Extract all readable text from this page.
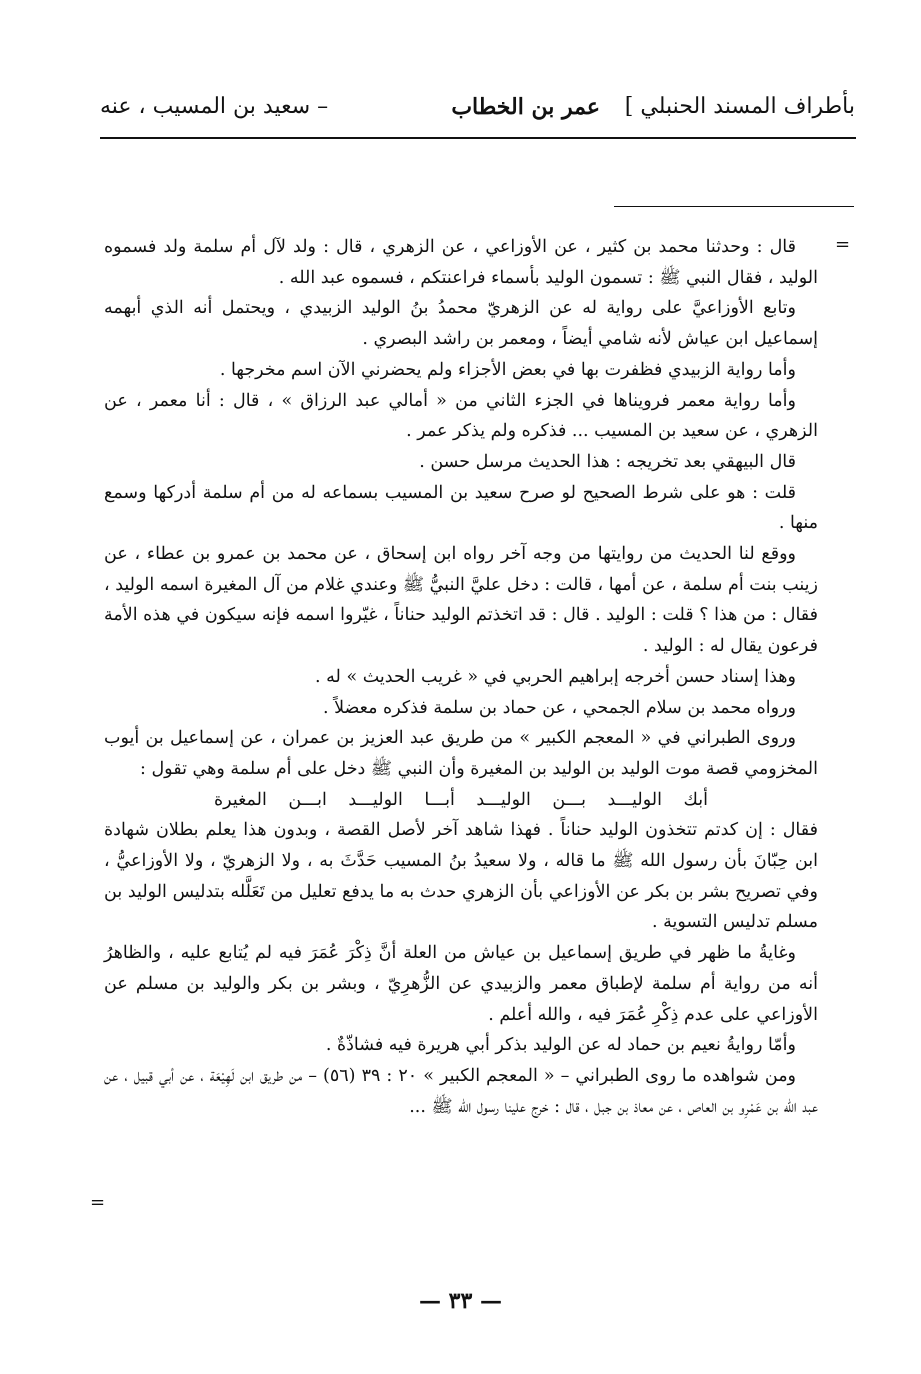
بأطراف المسند الحنبلي ]
عمر بن الخطاب
– سعيد بن المسيب ، عنه
=

قال : وحدثنا محمد بن كثير ، عن الأوزاعي ، عن الزهري ، قال : ولد لآل أم سلمة ولد فسموه الوليد ، فقال النبي ﷺ : تسمون الوليد بأسماء فراعنتكم ، فسموه عبد الله .

وتابع الأوزاعيَّ على رواية له عن الزهريّ محمدُ بنُ الوليد الزبيدي ، ويحتمل أنه الذي أبهمه إسماعيل ابن عياش لأنه شامي أيضاً ، ومعمر بن راشد البصري .

وأما رواية الزبيدي فظفرت بها في بعض الأجزاء ولم يحضرني الآن اسم مخرجها .

وأما رواية معمر فرويناها في الجزء الثاني من « أمالي عبد الرزاق » ، قال : أنا معمر ، عن الزهري ، عن سعيد بن المسيب ... فذكره ولم يذكر عمر .

قال البيهقي بعد تخريجه : هذا الحديث مرسل حسن .

قلت : هو على شرط الصحيح لو صرح سعيد بن المسيب بسماعه له من أم سلمة أدركها وسمع منها .

ووقع لنا الحديث من روايتها من وجه آخر رواه ابن إسحاق ، عن محمد بن عمرو بن عطاء ، عن زينب بنت أم سلمة ، عن أمها ، قالت : دخل عليَّ النبيُّ ﷺ وعندي غلام من آل المغيرة اسمه الوليد ، فقال : من هذا ؟ قلت : الوليد . قال : قد اتخذتم الوليد حناناً ، غيّروا اسمه فإنه سيكون في هذه الأمة فرعون يقال له : الوليد .

وهذا إسناد حسن أخرجه إبراهيم الحربي في « غريب الحديث » له .

ورواه محمد بن سلام الجمحي ، عن حماد بن سلمة فذكره معضلاً .

وروى الطبراني في « المعجم الكبير » من طريق عبد العزيز بن عمران ، عن إسماعيل بن أيوب المخزومي قصة موت الوليد بن الوليد بن المغيرة وأن النبي ﷺ دخل على أم سلمة وهي تقول :

أبك الوليـــد بـــن الوليـــد أبـــا الوليـــد ابـــن المغيرة

فقال : إن كدتم تتخذون الوليد حناناً . فهذا شاهد آخر لأصل القصة ، وبدون هذا يعلم بطلان شهادة ابن حِبّانَ بأن رسول الله ﷺ ما قاله ، ولا سعيدُ بنُ المسيب حَدَّثَ به ، ولا الزهريّ ، ولا الأوزاعيُّ ، وفي تصريح بشر بن بكر عن الأوزاعي بأن الزهري حدث به ما يدفع تعليل من تَعَلَّله بتدليس الوليد بن مسلم تدليس التسوية .

وغايةُ ما ظهر في طريق إسماعيل بن عياش من العلة أنَّ ذِكْرَ عُمَرَ فيه لم يُتابع عليه ، والظاهرُ أنه من رواية أم سلمة لإطباق معمر والزبيدي عن الزُّهرِيّ ، وبشر بن بكر والوليد بن مسلم عن الأوزاعي على عدم ذِكْرِ عُمَرَ فيه ، والله أعلم .

وأمّا روايةُ نعيم بن حماد له عن الوليد بذكر أبي هريرة فيه فشاذّةٌ .

ومن شواهده ما روى الطبراني – « المعجم الكبير » ٢٠ : ٣٩ (٥٦) – من طريق ابن لَهِيْعَة ، عن أبي قبيل ، عن عبد الله بن عَمْرِو بن العاص ، عن معاذ بن جبل ، قال : خرج علينا رسول الله ﷺ ...

=
— ٣٣ —
